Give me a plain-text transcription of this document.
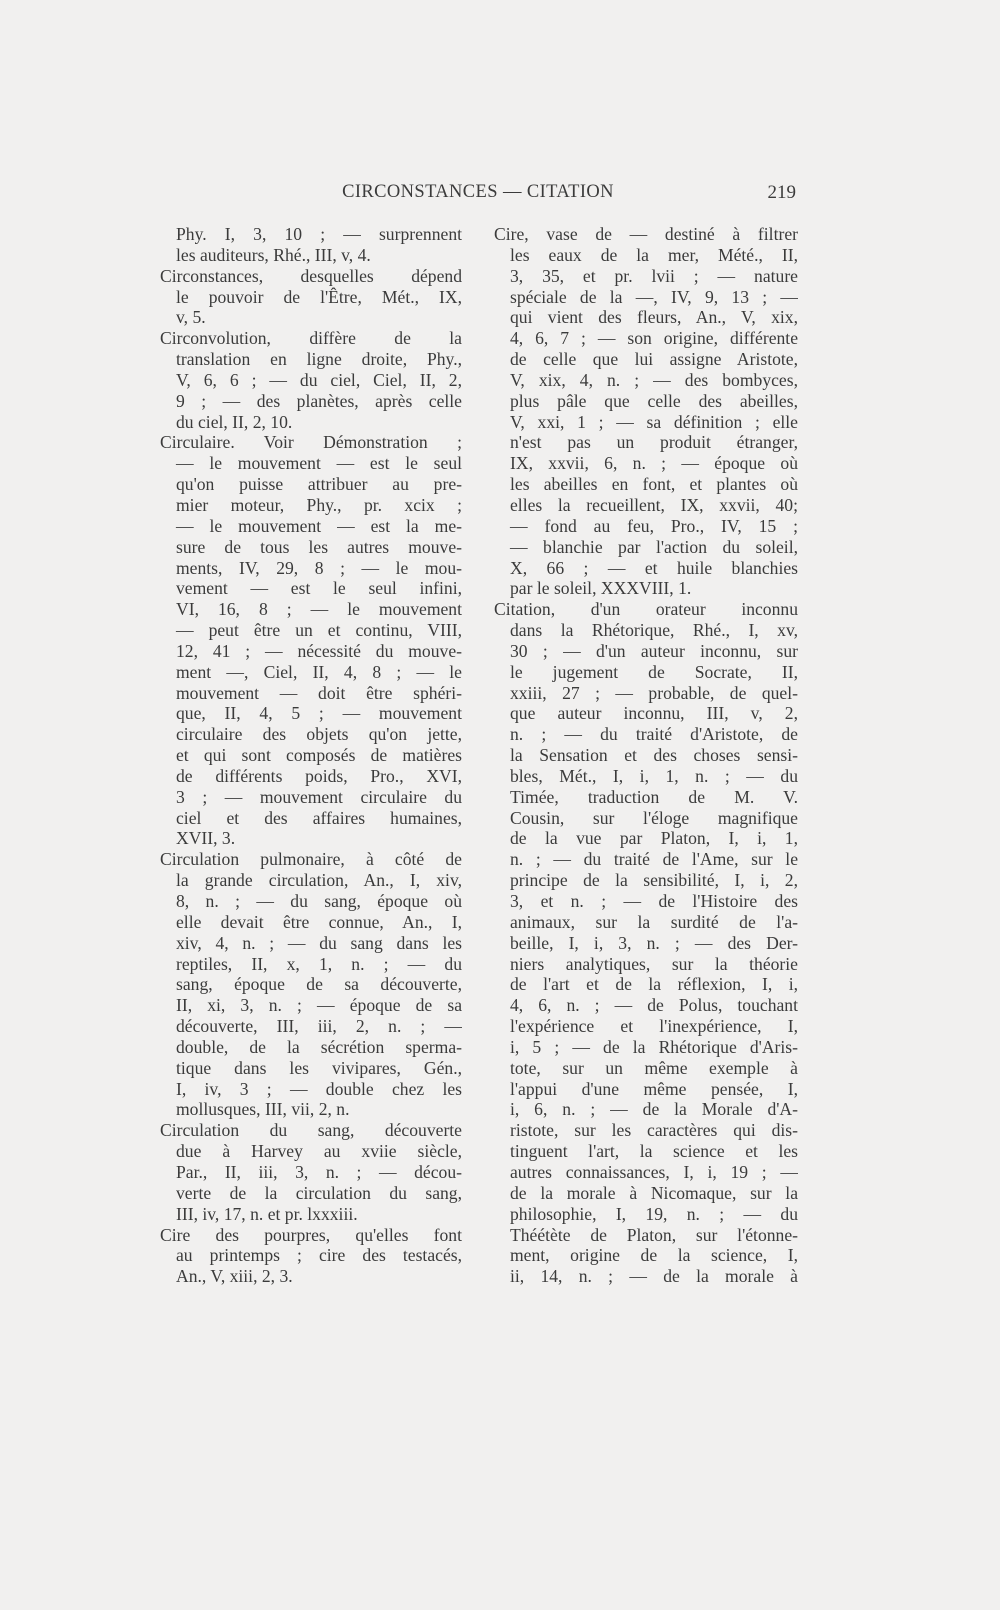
CIRCONSTANCES — CITATION	219
Phy. I, 3, 10 ; — surprennent
les auditeurs, Rhé., III, v, 4.
Circonstances, desquelles dépend
le pouvoir de l'Être, Mét., IX,
v, 5.
Circonvolution, diffère de la
translation en ligne droite, Phy.,
V, 6, 6 ; — du ciel, Ciel, II, 2,
9 ; — des planètes, après celle
du ciel, II, 2, 10.
Circulaire. Voir Démonstration ;
— le mouvement — est le seul
qu'on puisse attribuer au pre-
mier moteur, Phy., pr. xcix ;
— le mouvement — est la me-
sure de tous les autres mouve-
ments, IV, 29, 8 ; — le mou-
vement — est le seul infini,
VI, 16, 8 ; — le mouvement
— peut être un et continu, VIII,
12, 41 ; — nécessité du mouve-
ment —, Ciel, II, 4, 8 ; — le
mouvement — doit être sphéri-
que, II, 4, 5 ; — mouvement
circulaire des objets qu'on jette,
et qui sont composés de matières
de différents poids, Pro., XVI,
3 ; — mouvement circulaire du
ciel et des affaires humaines,
XVII, 3.
Circulation pulmonaire, à côté de
la grande circulation, An., I, xiv,
8, n. ; — du sang, époque où
elle devait être connue, An., I,
xiv, 4, n. ; — du sang dans les
reptiles, II, x, 1, n. ; — du
sang, époque de sa découverte,
II, xi, 3, n. ; — époque de sa
découverte, III, iii, 2, n. ; —
double, de la sécrétion sperma-
tique dans les vivipares, Gén.,
I, iv, 3 ; — double chez les
mollusques, III, vii, 2, n.
Circulation du sang, découverte
due à Harvey au xviie siècle,
Par., II, iii, 3, n. ; — décou-
verte de la circulation du sang,
III, iv, 17, n. et pr. lxxxiii.
Cire des pourpres, qu'elles font
au printemps ; cire des testacés,
An., V, xiii, 2, 3.
Cire, vase de — destiné à filtrer
les eaux de la mer, Mété., II,
3, 35, et pr. lvii ; — nature
spéciale de la —, IV, 9, 13 ; —
qui vient des fleurs, An., V, xix,
4, 6, 7 ; — son origine, différente
de celle que lui assigne Aristote,
V, xix, 4, n. ; — des bombyces,
plus pâle que celle des abeilles,
V, xxi, 1 ; — sa définition ; elle
n'est pas un produit étranger,
IX, xxvii, 6, n. ; — époque où
les abeilles en font, et plantes où
elles la recueillent, IX, xxvii, 40;
— fond au feu, Pro., IV, 15 ;
— blanchie par l'action du soleil,
X, 66 ; — et huile blanchies
par le soleil, XXXVIII, 1.
Citation, d'un orateur inconnu
dans la Rhétorique, Rhé., I, xv,
30 ; — d'un auteur inconnu, sur
le jugement de Socrate, II,
xxiii, 27 ; — probable, de quel-
que auteur inconnu, III, v, 2,
n. ; — du traité d'Aristote, de
la Sensation et des choses sensi-
bles, Mét., I, i, 1, n. ; — du
Timée, traduction de M. V.
Cousin, sur l'éloge magnifique
de la vue par Platon, I, i, 1,
n. ; — du traité de l'Ame, sur le
principe de la sensibilité, I, i, 2,
3, et n. ; — de l'Histoire des
animaux, sur la surdité de l'a-
beille, I, i, 3, n. ; — des Der-
niers analytiques, sur la théorie
de l'art et de la réflexion, I, i,
4, 6, n. ; — de Polus, touchant
l'expérience et l'inexpérience, I,
i, 5 ; — de la Rhétorique d'Aris-
tote, sur un même exemple à
l'appui d'une même pensée, I,
i, 6, n. ; — de la Morale d'A-
ristote, sur les caractères qui dis-
tinguent l'art, la science et les
autres connaissances, I, i, 19 ; —
de la morale à Nicomaque, sur la
philosophie, I, 19, n. ; — du
Théétète de Platon, sur l'étonne-
ment, origine de la science, I,
ii, 14, n. ; — de la morale à
